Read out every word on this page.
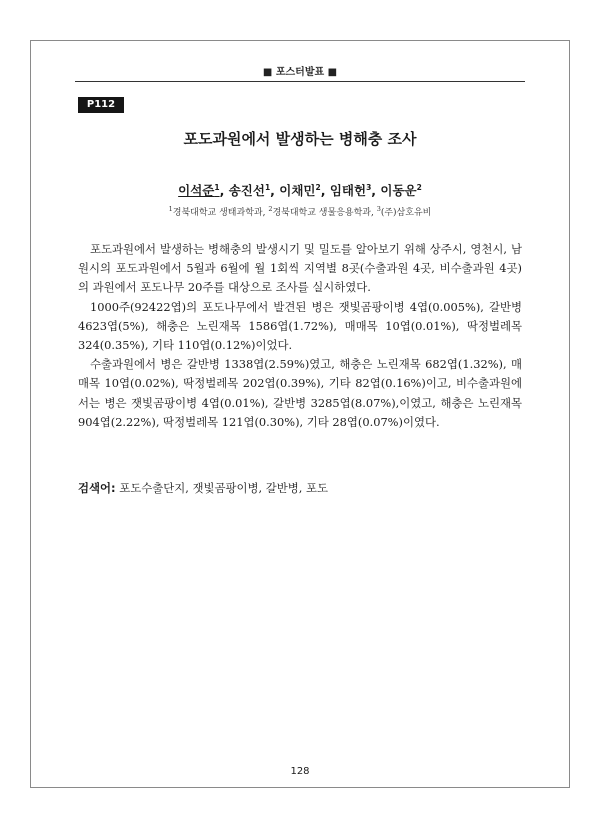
■ 포스터발표 ■
P112
포도과원에서 발생하는 병해충 조사
이석준$^1$, 송진선$^1$, 이채민$^2$, 임태헌$^3$, 이동운$^2$
$^1$경북대학교 생태과학과, $^2$경북대학교 생물응용학과, $^3$(주)삼호유비

포도과원에서 발생하는 병해충의 발생시기 및 밀도를 알아보기 위해 상주시, 영천시, 남원시의 포도과원에서 5월과 6월에 월 1회씩 지역별 8곳(수출과원 4곳, 비수출과원 4곳)의 과원에서 포도나무 20주를 대상으로 조사를 실시하였다.

1000주(92422엽)의 포도나무에서 발견된 병은 잿빛곰팡이병 4엽(0.005%), 갈반병 4623엽(5%), 해충은 노린재목 1586엽(1.72%), 매매목 10엽(0.01%), 딱정벌레목 324(0.35%), 기타 110엽(0.12%)이었다.

수출과원에서 병은 갈반병 1338엽(2.59%)였고, 해충은 노린재목 682엽(1.32%), 매매목 10엽(0.02%), 딱정벌레목 202엽(0.39%), 기타 82엽(0.16%)이고, 비수출과원에서는 병은 잿빛곰팡이병 4엽(0.01%), 갈반병 3285엽(8.07%),이였고, 해충은 노린재목 904엽(2.22%), 딱정벌레목 121엽(0.30%), 기타 28엽(0.07%)이였다.

검색어: 포도수출단지, 잿빛곰팡이병, 갈반병, 포도
128
